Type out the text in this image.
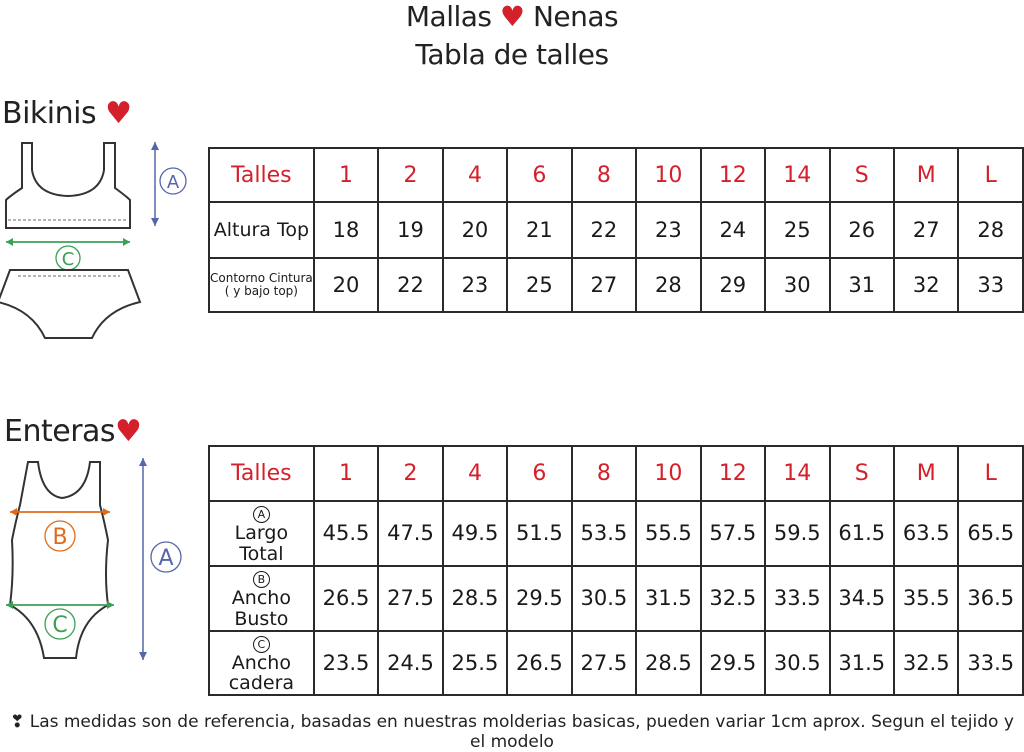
Mallas ♥ Nenas
Tabla de talles
Bikinis ♥
Enteras♥
C
A
B
C
A
Talles	1	2	4	6	8	10	12	14	S	M	L
Altura Top	18	19	20	21	22	23	24	25	26	27	28

Contorno Cintura
( y bajo top)	20	22	23	25	27	28	29	30	31	32	33
Talles	1	2	4	6	8	10	12	14	S	M	L

A
Largo Total	45.5	47.5	49.5	51.5	53.5	55.5	57.5	59.5	61.5	63.5	65.5

B
Ancho Busto	26.5	27.5	28.5	29.5	30.5	31.5	32.5	33.5	34.5	35.5	36.5

C
Ancho cadera	23.5	24.5	25.5	26.5	27.5	28.5	29.5	30.5	31.5	32.5	33.5
❣ Las medidas son de referencia, basadas en nuestras molderias basicas, pueden variar 1cm aprox. Segun el tejido y el modelo
